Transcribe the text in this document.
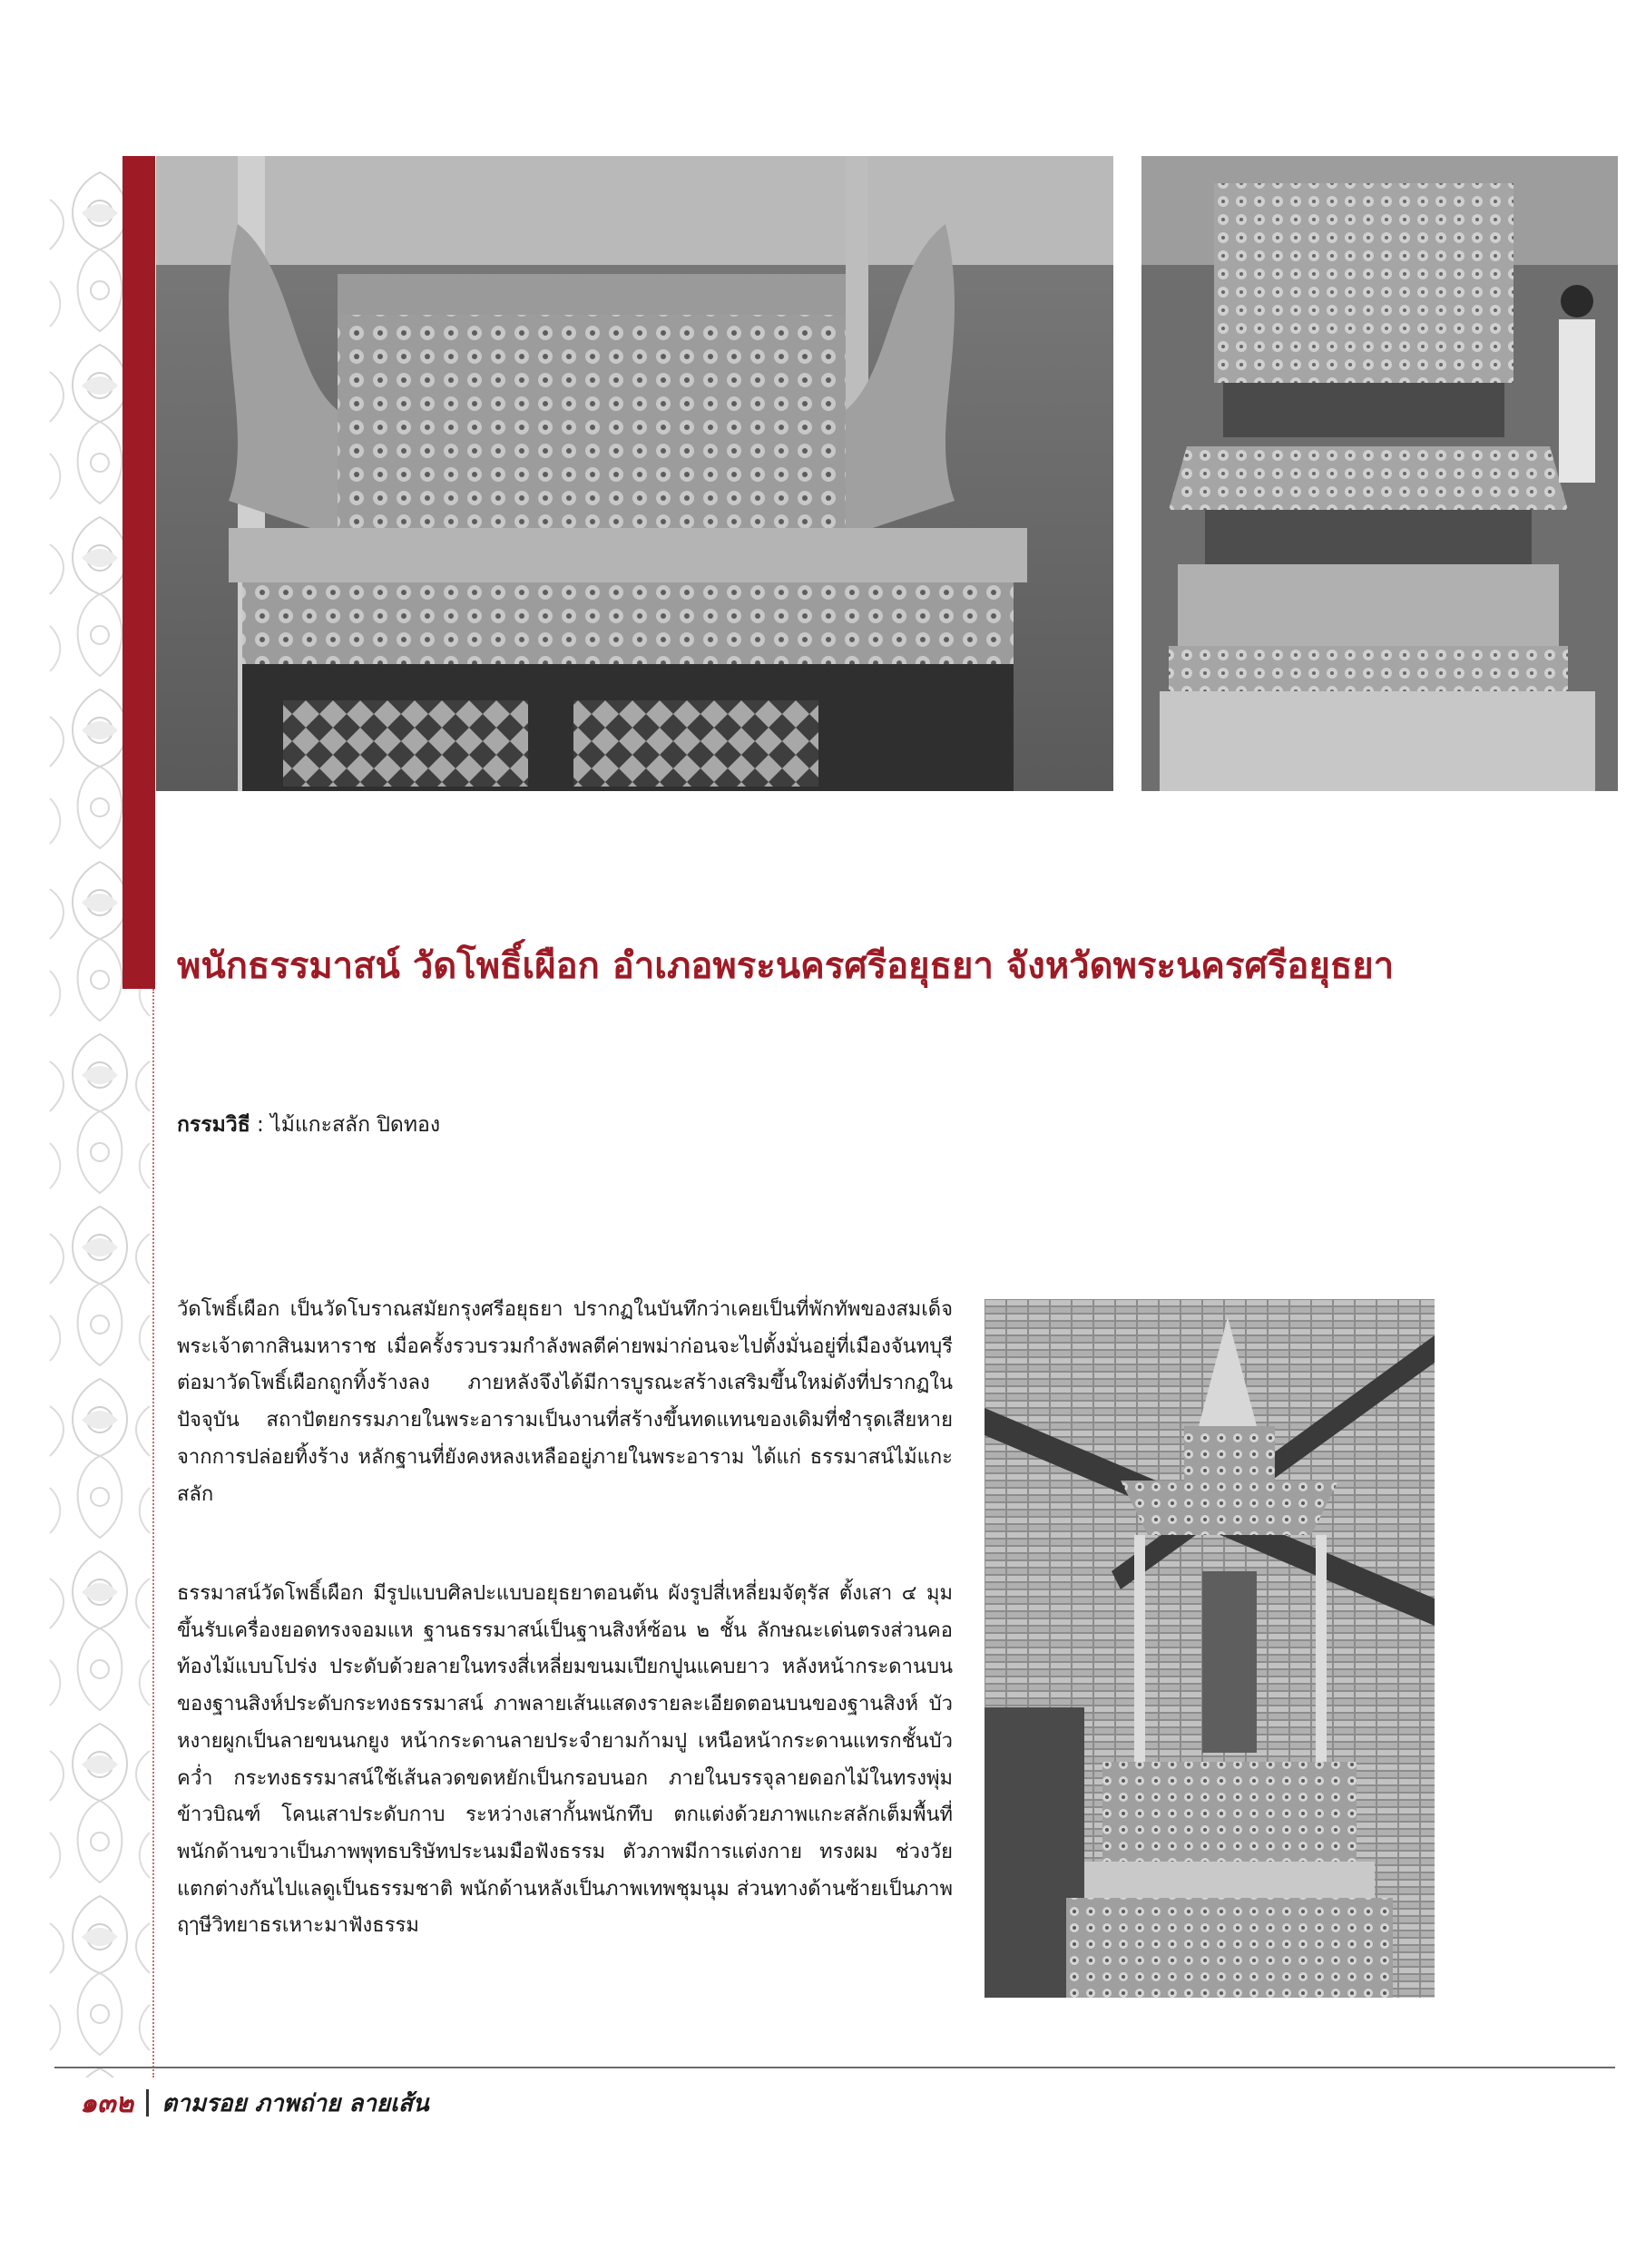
พนักธรรมาสน์ วัดโพธิ์เผือก อำเภอพระนครศรีอยุธยา จังหวัดพระนครศรีอยุธยา
กรรมวิธี : ไม้แกะสลัก ปิดทอง

วัดโพธิ์เผือก เป็นวัดโบราณสมัยกรุงศรีอยุธยา ปรากฏในบันทึกว่าเคยเป็นที่พักทัพของสมเด็จพระเจ้าตากสินมหาราช เมื่อครั้งรวบรวมกำลังพลตีค่ายพม่าก่อนจะไปตั้งมั่นอยู่ที่เมืองจันทบุรี ต่อมาวัดโพธิ์เผือกถูกทิ้งร้างลง ภายหลังจึงได้มีการบูรณะสร้างเสริมขึ้นใหม่ดังที่ปรากฏในปัจจุบัน สถาปัตยกรรมภายในพระอารามเป็นงานที่สร้างขึ้นทดแทนของเดิมที่ชำรุดเสียหายจากการปล่อยทิ้งร้าง หลักฐานที่ยังคงหลงเหลืออยู่ภายในพระอาราม ได้แก่ ธรรมาสน์ไม้แกะสลัก

ธรรมาสน์วัดโพธิ์เผือก มีรูปแบบศิลปะแบบอยุธยาตอนต้น ผังรูปสี่เหลี่ยมจัตุรัส ตั้งเสา ๔ มุมขึ้นรับเครื่องยอดทรงจอมแห ฐานธรรมาสน์เป็นฐานสิงห์ซ้อน ๒ ชั้น ลักษณะเด่นตรงส่วนคอท้องไม้แบบโปร่ง ประดับด้วยลายในทรงสี่เหลี่ยมขนมเปียกปูนแคบยาว หลังหน้ากระดานบนของฐานสิงห์ประดับกระทงธรรมาสน์ ภาพลายเส้นแสดงรายละเอียดตอนบนของฐานสิงห์ บัวหงายผูกเป็นลายขนนกยูง หน้ากระดานลายประจำยามก้ามปู เหนือหน้ากระดานแทรกชั้นบัวคว่ำ กระทงธรรมาสน์ใช้เส้นลวดขดหยักเป็นกรอบนอก ภายในบรรจุลายดอกไม้ในทรงพุ่มข้าวบิณฑ์ โคนเสาประดับกาบ ระหว่างเสากั้นพนักทึบ ตกแต่งด้วยภาพแกะสลักเต็มพื้นที่ พนักด้านขวาเป็นภาพพุทธบริษัทประนมมือฟังธรรม ตัวภาพมีการแต่งกาย ทรงผม ช่วงวัยแตกต่างกันไปแลดูเป็นธรรมชาติ พนักด้านหลังเป็นภาพเทพชุมนุม ส่วนทางด้านซ้ายเป็นภาพฤๅษีวิทยาธรเหาะมาฟังธรรม

๑๓๒ ตามรอย ภาพถ่าย ลายเส้น
